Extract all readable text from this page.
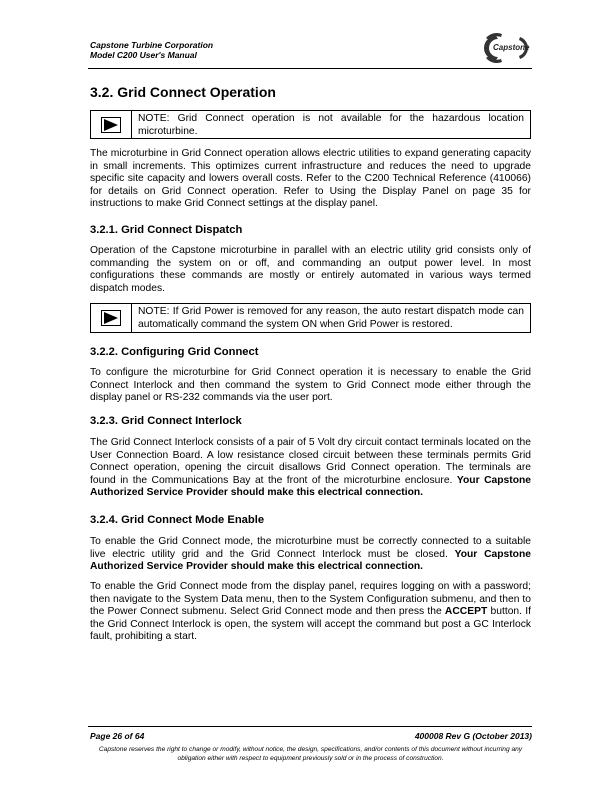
Capstone Turbine Corporation
Model C200 User's Manual
Capstone
3.2. Grid Connect Operation
NOTE: Grid Connect operation is not available for the hazardous location microturbine.

The microturbine in Grid Connect operation allows electric utilities to expand generating capacity in small increments. This optimizes current infrastructure and reduces the need to upgrade specific site capacity and lowers overall costs. Refer to the C200 Technical Reference (410066) for details on Grid Connect operation. Refer to Using the Display Panel on page 35 for instructions to make Grid Connect settings at the display panel.

3.2.1. Grid Connect Dispatch

Operation of the Capstone microturbine in parallel with an electric utility grid consists only of commanding the system on or off, and commanding an output power level. In most configurations these commands are mostly or entirely automated in various ways termed dispatch modes.

NOTE: If Grid Power is removed for any reason, the auto restart dispatch mode can automatically command the system ON when Grid Power is restored.
3.2.2. Configuring Grid Connect

To configure the microturbine for Grid Connect operation it is necessary to enable the Grid Connect Interlock and then command the system to Grid Connect mode either through the display panel or RS-232 commands via the user port.

3.2.3. Grid Connect Interlock

The Grid Connect Interlock consists of a pair of 5 Volt dry circuit contact terminals located on the User Connection Board. A low resistance closed circuit between these terminals permits Grid Connect operation, opening the circuit disallows Grid Connect operation. The terminals are found in the Communications Bay at the front of the microturbine enclosure. Your Capstone Authorized Service Provider should make this electrical connection.

3.2.4. Grid Connect Mode Enable

To enable the Grid Connect mode, the microturbine must be correctly connected to a suitable live electric utility grid and the Grid Connect Interlock must be closed. Your Capstone Authorized Service Provider should make this electrical connection.

To enable the Grid Connect mode from the display panel, requires logging on with a password; then navigate to the System Data menu, then to the System Configuration submenu, and then to the Power Connect submenu. Select Grid Connect mode and then press the ACCEPT button. If the Grid Connect Interlock is open, the system will accept the command but post a GC Interlock fault, prohibiting a start.

Page 26 of 64	400008 Rev G (October 2013)
Capstone reserves the right to change or modify, without notice, the design, specifications, and/or contents of this document without incurring any obligation either with respect to equipment previously sold or in the process of construction.
